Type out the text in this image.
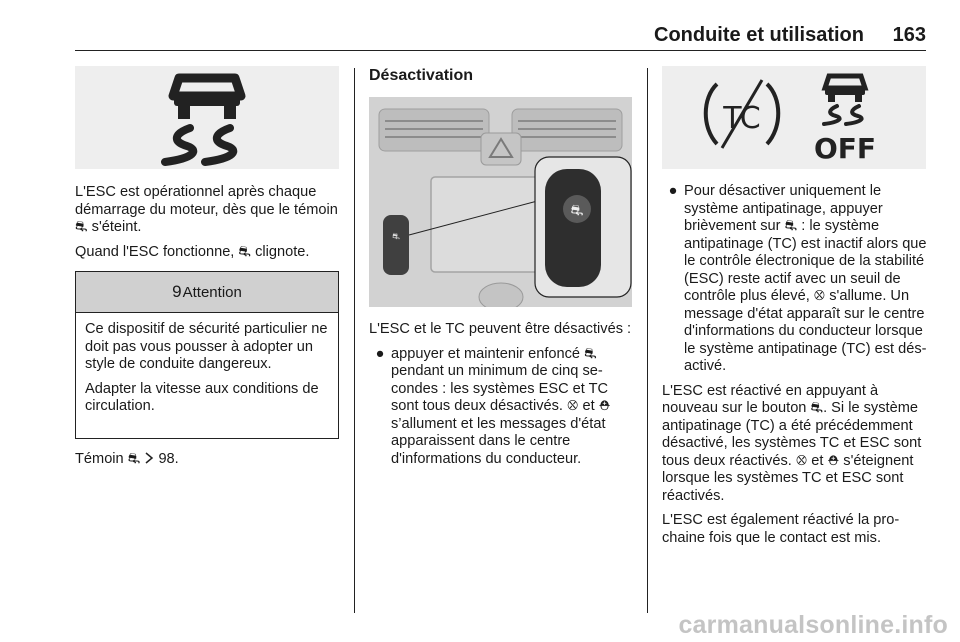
Conduite et utilisation 163

L'ESC est opérationnel après chaque démarrage du moteur, dès que le témoin ⛐ s'éteint.

Quand l'ESC fonctionne, ⛐ clignote.

9 Attention

Ce dispositif de sécurité particulier ne doit pas vous pousser à adopter un style de conduite dangereux.

Adapter la vitesse aux conditions de circulation.

Témoin ⛐  98.
Désactivation
⛐
⛐

L'ESC et le TC peuvent être désactivés :

● appuyer et maintenir enfoncé ⛐ pendant un minimum de cinq secondes : les systèmes ESC et TC sont tous deux désactivés. ⛒ et ⛑ s’allument et les messages d'état apparaissent dans le centre d'informations du conducteur.
TC
OFF
● Pour désactiver uniquement le système antipatinage, appuyer brièvement sur ⛐ : le système antipatinage (TC) est inactif alors que le contrôle électronique de la stabilité (ESC) reste actif avec un seuil de contrôle plus élevé, ⛒ s'allume. Un message d'état apparaît sur le centre d'informations du conducteur lorsque le système antipatinage (TC) est désactivé.

L'ESC est réactivé en appuyant à nouveau sur le bouton ⛐. Si le système antipatinage (TC) a été précédemment désactivé, les systèmes TC et ESC sont tous deux réactivés. ⛒ et ⛑ s'éteignent lorsque les systèmes TC et ESC sont réactivés.

L'ESC est également réactivé la prochaine fois que le contact est mis.

carmanualsonline.info
